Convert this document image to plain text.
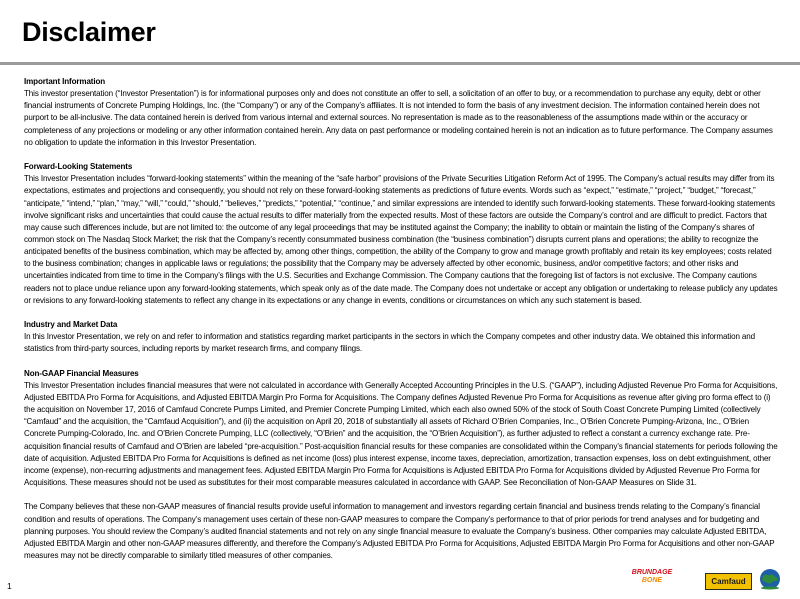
Disclaimer
Important Information

This investor presentation (“Investor Presentation”) is for informational purposes only and does not constitute an offer to sell, a solicitation of an offer to buy, or a recommendation to purchase any equity, debt or other financial instruments of Concrete Pumping Holdings, Inc. (the “Company”) or any of the Company’s affiliates. It is not intended to form the basis of any investment decision. The information contained herein does not purport to be all-inclusive. The data contained herein is derived from various internal and external sources. No representation is made as to the reasonableness of the assumptions made within or the accuracy or completeness of any projections or modeling or any other information contained herein. Any data on past performance or modeling contained herein is not an indication as to future performance. The Company assumes no obligation to update the information in this Investor Presentation.

Forward-Looking Statements

This Investor Presentation includes “forward-looking statements” within the meaning of the “safe harbor” provisions of the Private Securities Litigation Reform Act of 1995. The Company’s actual results may differ from its expectations, estimates and projections and consequently, you should not rely on these forward-looking statements as predictions of future events. Words such as “expect,” “estimate,” “project,” “budget,” “forecast,” “anticipate,” “intend,” “plan,” “may,” “will,” “could,” “should,” “believes,” “predicts,” “potential,” “continue,” and similar expressions are intended to identify such forward-looking statements. These forward-looking statements involve significant risks and uncertainties that could cause the actual results to differ materially from the expected results. Most of these factors are outside the Company’s control and are difficult to predict. Factors that may cause such differences include, but are not limited to: the outcome of any legal proceedings that may be instituted against the Company; the inability to obtain or maintain the listing of the Company’s shares of common stock on The Nasdaq Stock Market; the risk that the Company’s recently consummated business combination (the “business combination”) disrupts current plans and operations; the ability to recognize the anticipated benefits of the business combination, which may be affected by, among other things, competition, the ability of the Company to grow and manage growth profitably and retain its key employees; costs related to the business combination; changes in applicable laws or regulations; the possibility that the Company may be adversely affected by other economic, business, and/or competitive factors; and other risks and uncertainties indicated from time to time in the Company’s filings with the U.S. Securities and Exchange Commission. The Company cautions that the foregoing list of factors is not exclusive. The Company cautions readers not to place undue reliance upon any forward-looking statements, which speak only as of the date made. The Company does not undertake or accept any obligation or undertaking to release publicly any updates or revisions to any forward-looking statements to reflect any change in its expectations or any change in events, conditions or circumstances on which any such statement is based.

Industry and Market Data

In this Investor Presentation, we rely on and refer to information and statistics regarding market participants in the sectors in which the Company competes and other industry data. We obtained this information and statistics from third-party sources, including reports by market research firms, and company filings.

Non-GAAP Financial Measures

This Investor Presentation includes financial measures that were not calculated in accordance with Generally Accepted Accounting Principles in the U.S. (“GAAP”), including Adjusted Revenue Pro Forma for Acquisitions, Adjusted EBITDA Pro Forma for Acquisitions, and Adjusted EBITDA Margin Pro Forma for Acquisitions. The Company defines Adjusted Revenue Pro Forma for Acquisitions as revenue after giving pro forma effect to (i) the acquisition on November 17, 2016 of Camfaud Concrete Pumps Limited, and Premier Concrete Pumping Limited, which each also owned 50% of the stock of South Coast Concrete Pumping Limited (collectively “Camfaud” and the acquisition, the “Camfaud Acquisition”), and (ii) the acquisition on April 20, 2018 of substantially all assets of Richard O’Brien Companies, Inc., O’Brien Concrete Pumping-Arizona, Inc., O’Brien Concrete Pumping-Colorado, Inc. and O’Brien Concrete Pumping, LLC (collectively, “O’Brien” and the acquisition, the “O’Brien Acquisition”), as further adjusted to reflect a constant a currency exchange rate. Pre-acquisition financial results of Camfaud and O’Brien are labeled “pre-acquisition.” Post-acquisition financial results for these companies are consolidated within the Company’s financial statements for periods following the date of acquisition. Adjusted EBITDA Pro Forma for Acquisitions is defined as net income (loss) plus interest expense, income taxes, depreciation, amortization, transaction expenses, loss on debt extinguishment, other income (expense), non-recurring adjustments and management fees. Adjusted EBITDA Margin Pro Forma for Acquisitions is Adjusted EBITDA Pro Forma for Acquisitions divided by Adjusted Revenue Pro Forma for Acquisitions. These measures should not be used as substitutes for their most comparable measures calculated in accordance with GAAP. See Reconciliation of Non-GAAP Measures on Slide 31.

The Company believes that these non-GAAP measures of financial results provide useful information to management and investors regarding certain financial and business trends relating to the Company’s financial condition and results of operations. The Company’s management uses certain of these non-GAAP measures to compare the Company’s performance to that of prior periods for trend analyses and for budgeting and planning purposes. You should review the Company’s audited financial statements and not rely on any single financial measure to evaluate the Company’s business. Other companies may calculate Adjusted EBITDA, Adjusted EBITDA Margin and other non-GAAP measures differently, and therefore the Company’s Adjusted EBITDA Pro Forma for Acquisitions, Adjusted EBITDA Margin Pro Forma for Acquisitions and other non-GAAP measures may not be directly comparable to similarly titled measures of other companies.

1
BRUNDAGE
BONE	Camfaud
